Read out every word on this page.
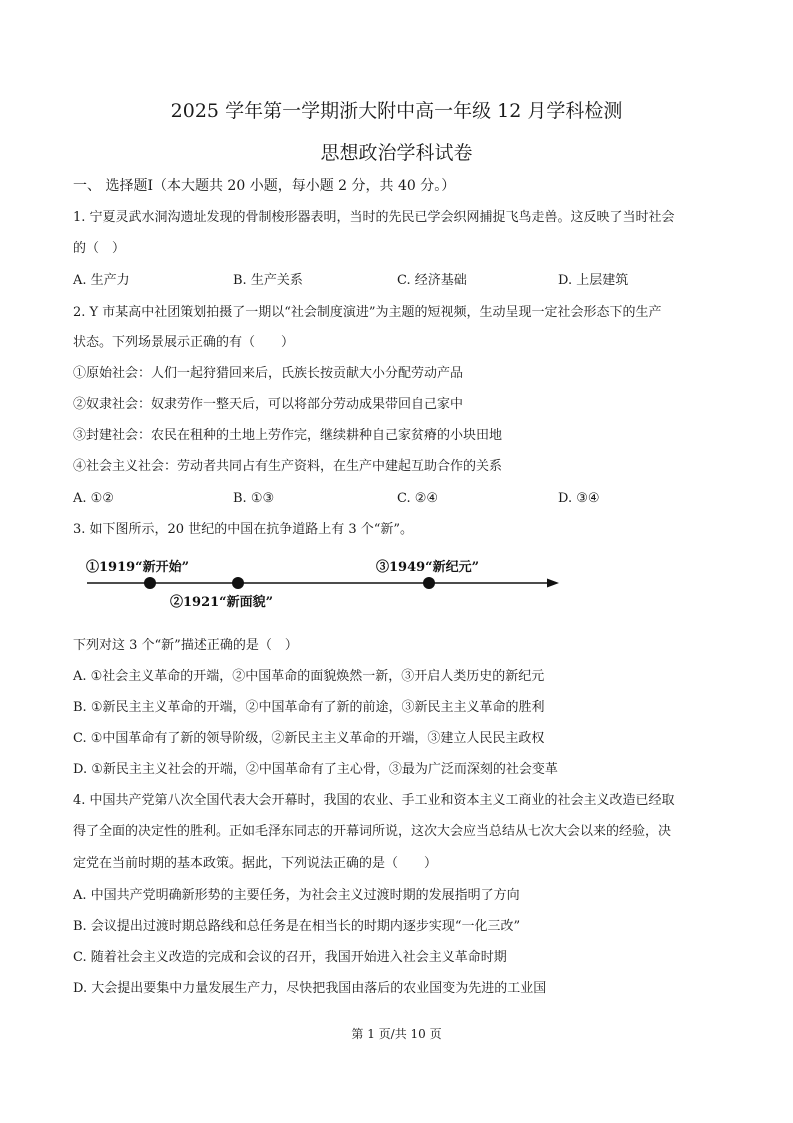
2025 学年第一学期浙大附中高一年级 12 月学科检测
思想政治学科试卷
一、 选择题Ⅰ（本大题共 20 小题，每小题 2 分，共 40 分。）
1. 宁夏灵武水洞沟遗址发现的骨制梭形器表明，当时的先民已学会织网捕捉飞鸟走兽。这反映了当时社会
的（　）
A. 生产力	B. 生产关系	C. 经济基础	D. 上层建筑
2. Y 市某高中社团策划拍摄了一期以“社会制度演进”为主题的短视频，生动呈现一定社会形态下的生产
状态。下列场景展示正确的有（　　）
①原始社会：人们一起狩猎回来后，氏族长按贡献大小分配劳动产品
②奴隶社会：奴隶劳作一整天后，可以将部分劳动成果带回自己家中
③封建社会：农民在租种的土地上劳作完，继续耕种自己家贫瘠的小块田地
④社会主义社会：劳动者共同占有生产资料，在生产中建起互助合作的关系
A. ①②	B. ①③	C. ②④	D. ③④
3. 如下图所示，20 世纪的中国在抗争道路上有 3 个“新”。
①1919“新开始”
②1921“新面貌”
③1949“新纪元”
下列对这 3 个“新”描述正确的是（　）
A. ①社会主义革命的开端，②中国革命的面貌焕然一新，③开启人类历史的新纪元
B. ①新民主主义革命的开端，②中国革命有了新的前途，③新民主主义革命的胜利
C. ①中国革命有了新的领导阶级，②新民主主义革命的开端，③建立人民民主政权
D. ①新民主主义社会的开端，②中国革命有了主心骨，③最为广泛而深刻的社会变革
4. 中国共产党第八次全国代表大会开幕时，我国的农业、手工业和资本主义工商业的社会主义改造已经取
得了全面的决定性的胜利。正如毛泽东同志的开幕词所说，这次大会应当总结从七次大会以来的经验，决
定党在当前时期的基本政策。据此，下列说法正确的是（　　）
A. 中国共产党明确新形势的主要任务，为社会主义过渡时期的发展指明了方向
B. 会议提出过渡时期总路线和总任务是在相当长的时期内逐步实现“一化三改”
C. 随着社会主义改造的完成和会议的召开，我国开始进入社会主义革命时期
D. 大会提出要集中力量发展生产力，尽快把我国由落后的农业国变为先进的工业国
第 1 页/共 10 页
